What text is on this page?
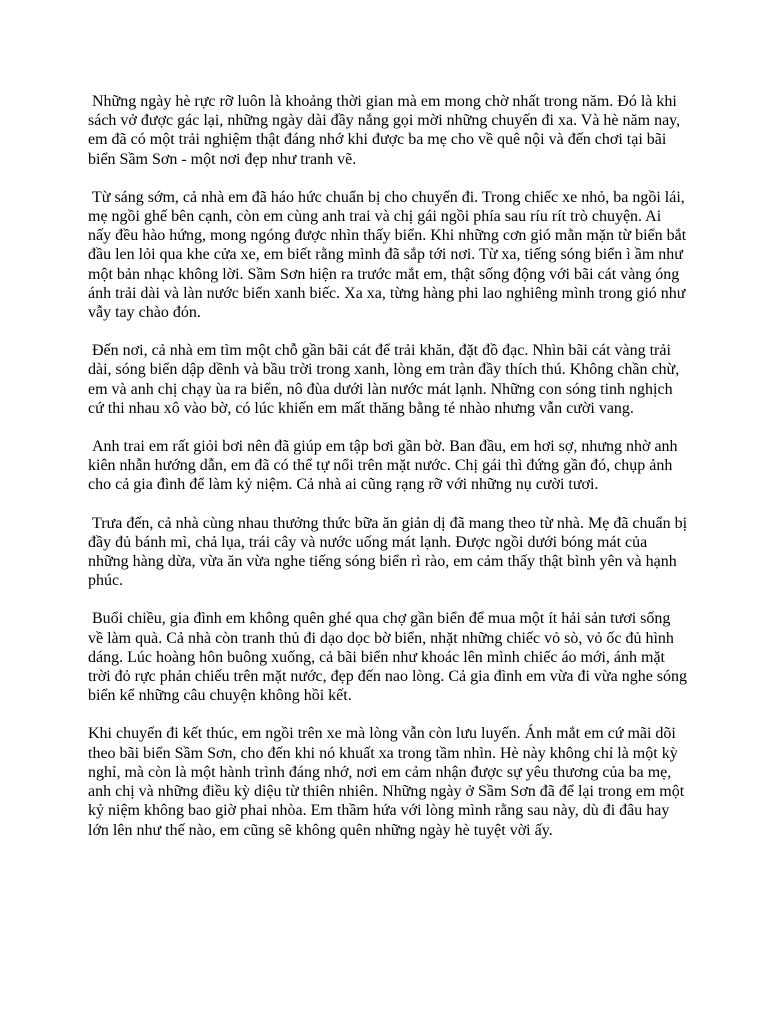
Những ngày hè rực rỡ luôn là khoảng thời gian mà em mong chờ nhất trong năm. Đó là khi sách vở được gác lại, những ngày dài đầy nắng gọi mời những chuyến đi xa. Và hè năm nay, em đã có một trải nghiệm thật đáng nhớ khi được ba mẹ cho về quê nội và đến chơi tại bãi biển Sầm Sơn - một nơi đẹp như tranh vẽ.

Từ sáng sớm, cả nhà em đã háo hức chuẩn bị cho chuyến đi. Trong chiếc xe nhỏ, ba ngồi lái, mẹ ngồi ghế bên cạnh, còn em cùng anh trai và chị gái ngồi phía sau ríu rít trò chuyện. Ai nấy đều hào hứng, mong ngóng được nhìn thấy biển. Khi những cơn gió mằn mặn từ biển bắt đầu len lỏi qua khe cửa xe, em biết rằng mình đã sắp tới nơi. Từ xa, tiếng sóng biển ì ầm như một bản nhạc không lời. Sầm Sơn hiện ra trước mắt em, thật sống động với bãi cát vàng óng ánh trải dài và làn nước biển xanh biếc. Xa xa, từng hàng phi lao nghiêng mình trong gió như vẫy tay chào đón.

Đến nơi, cả nhà em tìm một chỗ gần bãi cát để trải khăn, đặt đồ đạc. Nhìn bãi cát vàng trải dài, sóng biển dập dềnh và bầu trời trong xanh, lòng em tràn đầy thích thú. Không chần chừ, em và anh chị chạy ùa ra biển, nô đùa dưới làn nước mát lạnh. Những con sóng tinh nghịch cứ thi nhau xô vào bờ, có lúc khiến em mất thăng bằng té nhào nhưng vẫn cười vang.

Anh trai em rất giỏi bơi nên đã giúp em tập bơi gần bờ. Ban đầu, em hơi sợ, nhưng nhờ anh kiên nhẫn hướng dẫn, em đã có thể tự nổi trên mặt nước. Chị gái thì đứng gần đó, chụp ảnh cho cả gia đình để làm kỷ niệm. Cả nhà ai cũng rạng rỡ với những nụ cười tươi.

Trưa đến, cả nhà cùng nhau thưởng thức bữa ăn giản dị đã mang theo từ nhà. Mẹ đã chuẩn bị đầy đủ bánh mì, chả lụa, trái cây và nước uống mát lạnh. Được ngồi dưới bóng mát của những hàng dừa, vừa ăn vừa nghe tiếng sóng biển rì rào, em cảm thấy thật bình yên và hạnh phúc.

Buổi chiều, gia đình em không quên ghé qua chợ gần biển để mua một ít hải sản tươi sống về làm quà. Cả nhà còn tranh thủ đi dạo dọc bờ biển, nhặt những chiếc vỏ sò, vỏ ốc đủ hình dáng. Lúc hoàng hôn buông xuống, cả bãi biển như khoác lên mình chiếc áo mới, ánh mặt trời đỏ rực phản chiếu trên mặt nước, đẹp đến nao lòng. Cả gia đình em vừa đi vừa nghe sóng biển kể những câu chuyện không hồi kết.

Khi chuyến đi kết thúc, em ngồi trên xe mà lòng vẫn còn lưu luyến. Ánh mắt em cứ mãi dõi theo bãi biển Sầm Sơn, cho đến khi nó khuất xa trong tầm nhìn. Hè này không chỉ là một kỳ nghỉ, mà còn là một hành trình đáng nhớ, nơi em cảm nhận được sự yêu thương của ba mẹ, anh chị và những điều kỳ diệu từ thiên nhiên. Những ngày ở Sầm Sơn đã để lại trong em một kỷ niệm không bao giờ phai nhòa. Em thầm hứa với lòng mình rằng sau này, dù đi đâu hay lớn lên như thế nào, em cũng sẽ không quên những ngày hè tuyệt vời ấy.
